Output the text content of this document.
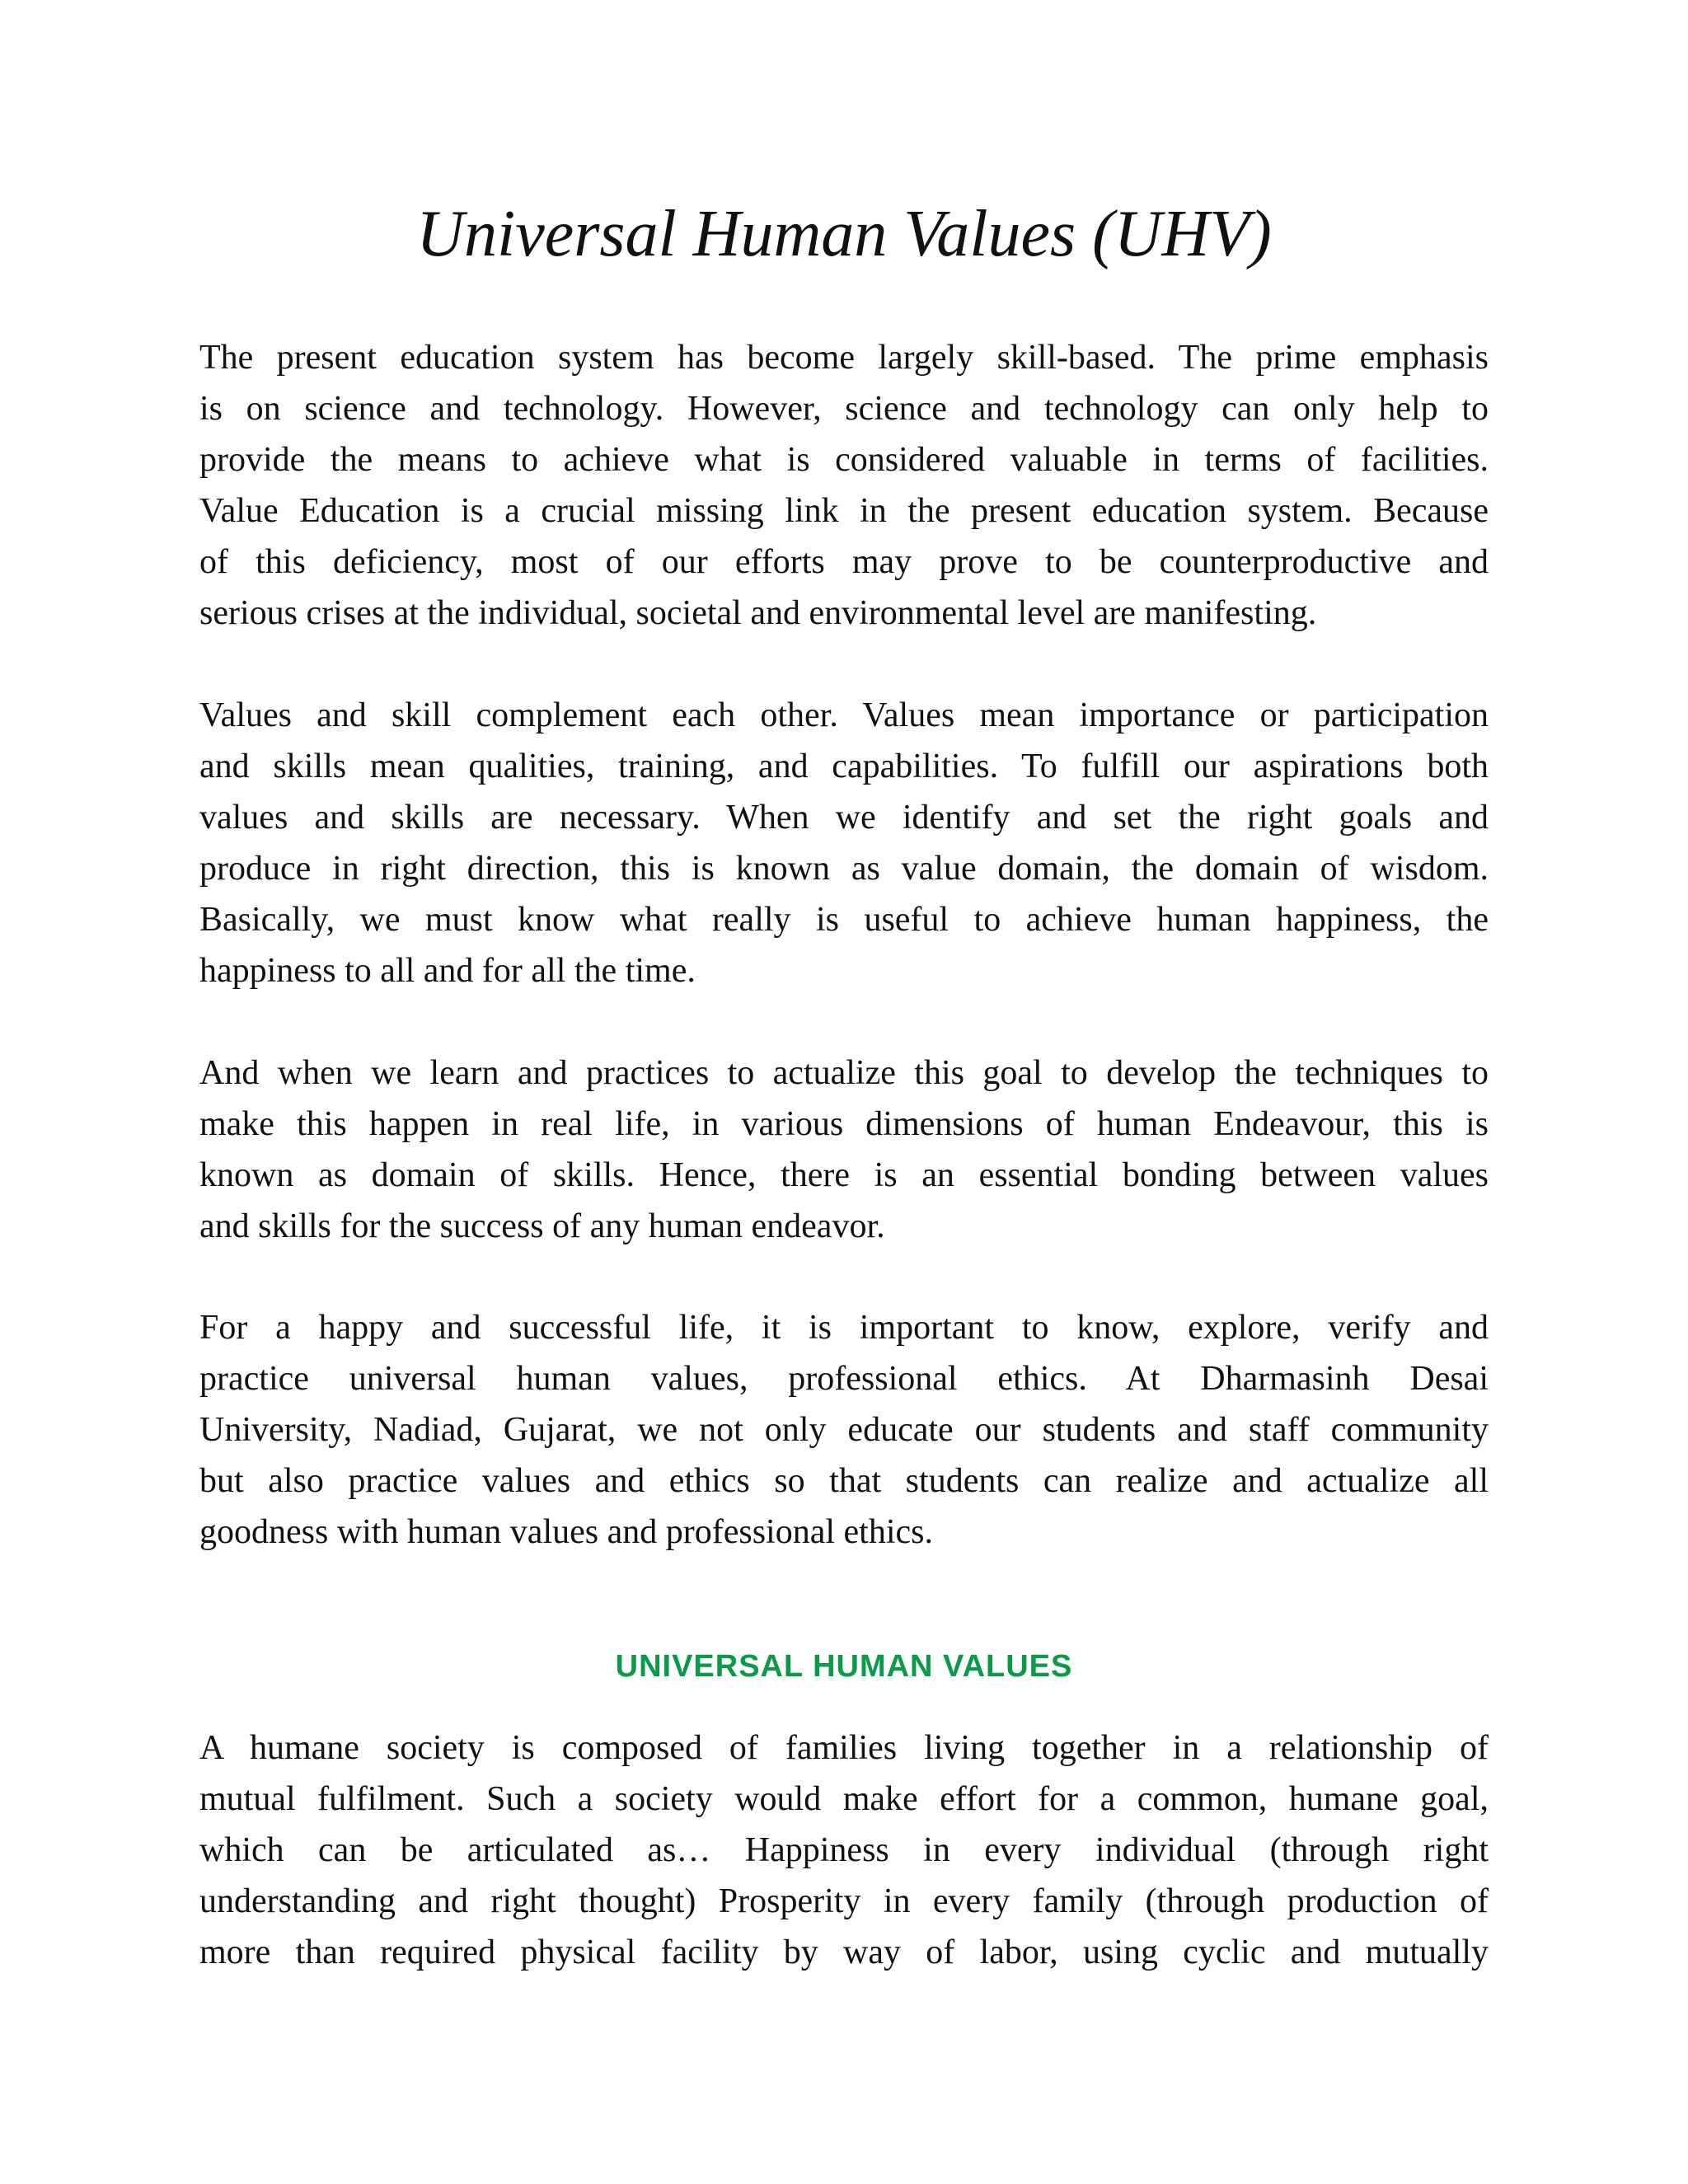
Universal Human Values (UHV)

The present education system has become largely skill-based. The prime emphasis
is on science and technology. However, science and technology can only help to
provide the means to achieve what is considered valuable in terms of facilities.
Value Education is a crucial missing link in the present education system. Because
of this deficiency, most of our efforts may prove to be counterproductive and
serious crises at the individual, societal and environmental level are manifesting.

Values and skill complement each other. Values mean importance or participation
and skills mean qualities, training, and capabilities. To fulfill our aspirations both
values and skills are necessary. When we identify and set the right goals and
produce in right direction, this is known as value domain, the domain of wisdom.
Basically, we must know what really is useful to achieve human happiness, the
happiness to all and for all the time.

And when we learn and practices to actualize this goal to develop the techniques to
make this happen in real life, in various dimensions of human Endeavour, this is
known as domain of skills. Hence, there is an essential bonding between values
and skills for the success of any human endeavor.

For a happy and successful life, it is important to know, explore, verify and
practice universal human values, professional ethics. At Dharmasinh Desai
University, Nadiad, Gujarat, we not only educate our students and staff community
but also practice values and ethics so that students can realize and actualize all
goodness with human values and professional ethics.

UNIVERSAL HUMAN VALUES

A humane society is composed of families living together in a relationship of
mutual fulfilment. Such a society would make effort for a common, humane goal,
which can be articulated as… Happiness in every individual (through right
understanding and right thought) Prosperity in every family (through production of
more than required physical facility by way of labor, using cyclic and mutually
